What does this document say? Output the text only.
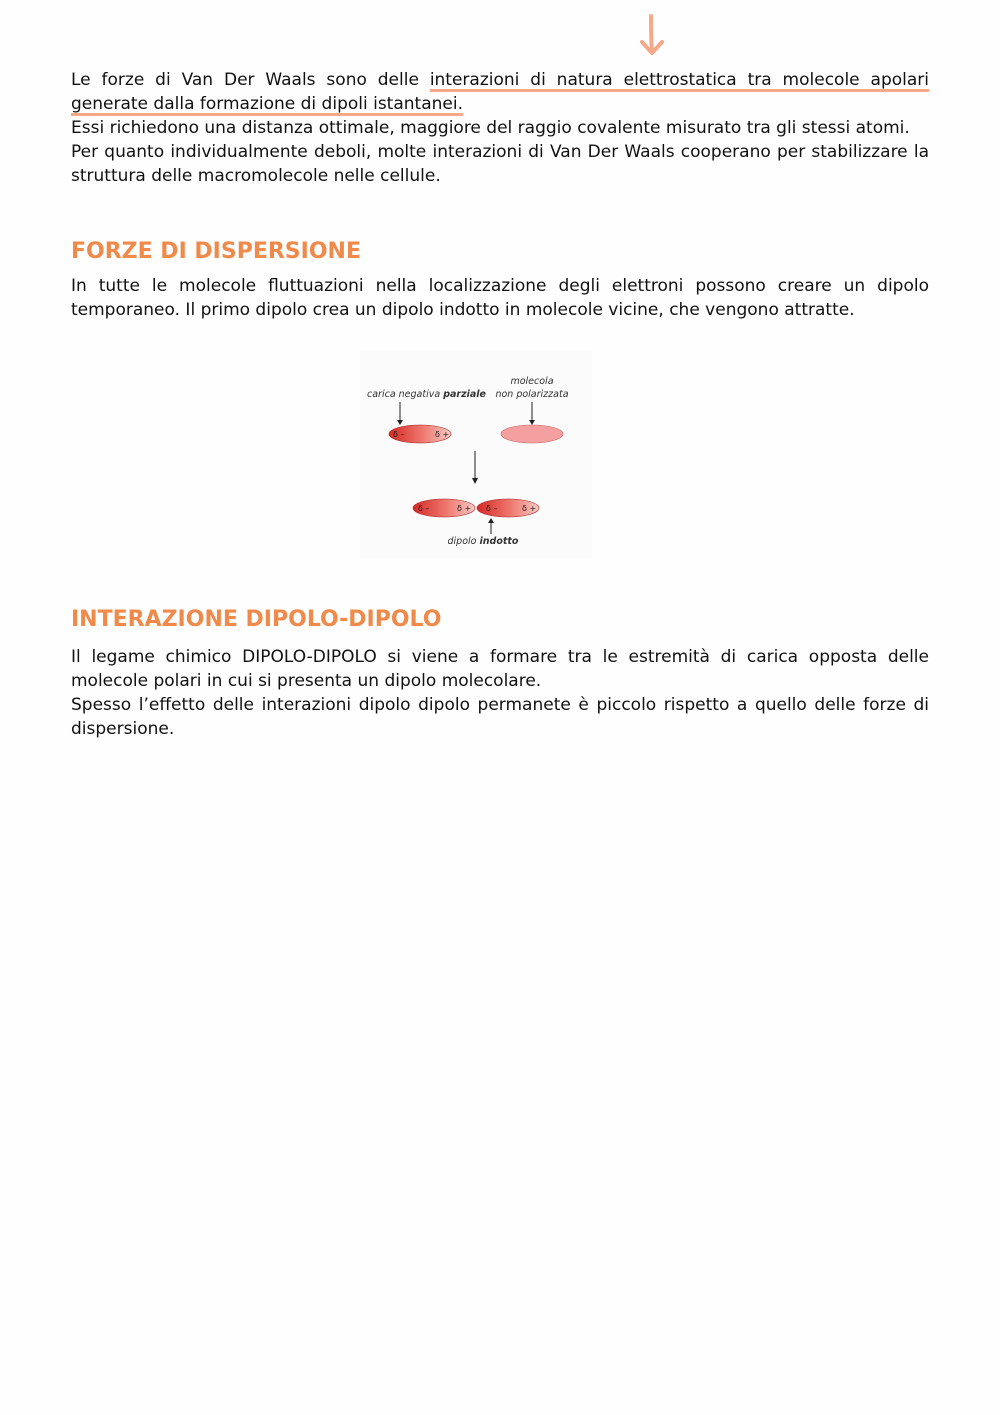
Le forze di Van Der Waals sono delle interazioni di natura elettrostatica tra molecole apolari generate dalla formazione di dipoli istantanei.

Essi richiedono una distanza ottimale, maggiore del raggio covalente misurato tra gli stessi atomi.

Per quanto individualmente deboli, molte interazioni di Van Der Waals cooperano per stabilizzare la struttura delle macromolecole nelle cellule.

FORZE DI DISPERSIONE

In tutte le molecole fluttuazioni nella localizzazione degli elettroni possono creare un dipolo temporaneo. Il primo dipolo crea un dipolo indotto in molecole vicine, che vengono attratte.

carica negativa parziale
molecola
non polarizzata
δ –	δ +
δ –	δ + δ –	δ +
dipolo indotto
INTERAZIONE DIPOLO-DIPOLO

Il legame chimico DIPOLO-DIPOLO si viene a formare tra le estremità di carica opposta delle molecole polari in cui si presenta un dipolo molecolare.

Spesso l’effetto delle interazioni dipolo dipolo permanete è piccolo rispetto a quello delle forze di dispersione.
